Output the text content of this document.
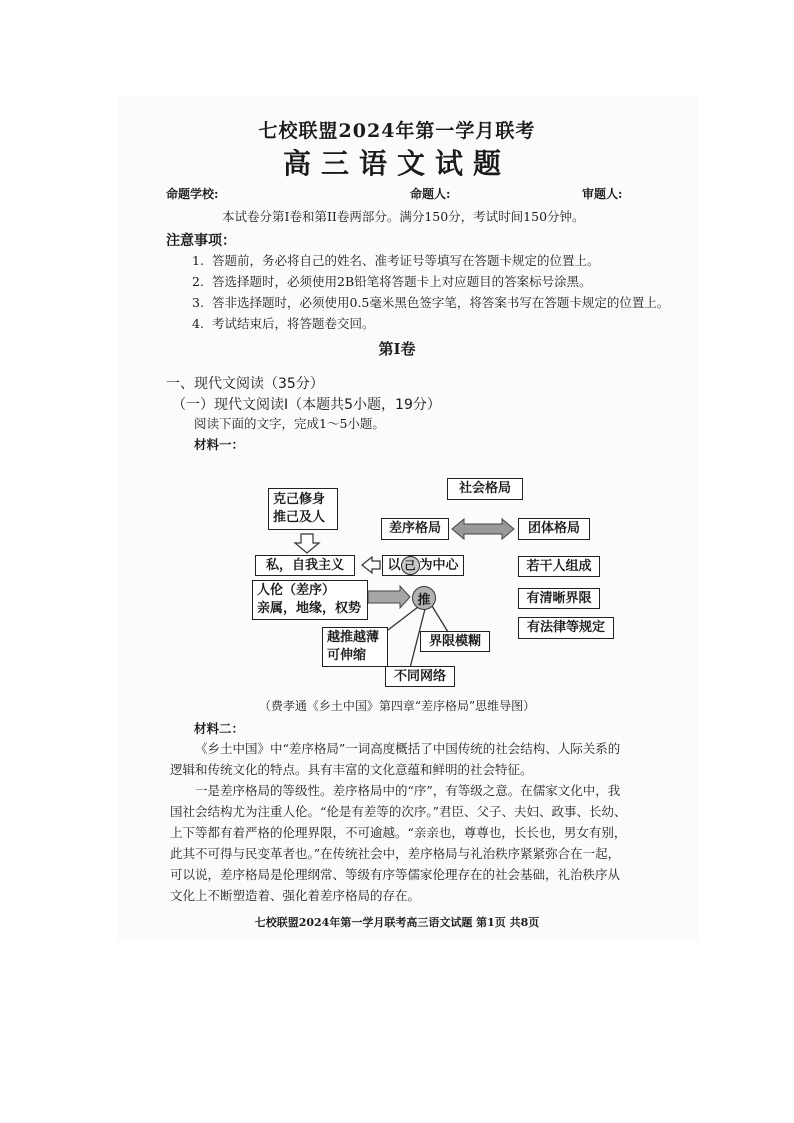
七校联盟2024年第一学月联考
高三语文试题
命题学校:	命题人:	审题人:
本试卷分第I卷和第II卷两部分。满分150分，考试时间150分钟。
注意事项：
1. 答题前，务必将自己的姓名、准考证号等填写在答题卡规定的位置上。
2. 答选择题时，必须使用2B铅笔将答题卡上对应题目的答案标号涂黑。
3. 答非选择题时，必须使用0.5毫米黑色签字笔，将答案书写在答题卡规定的位置上。
4. 考试结束后，将答题卷交回。
第I卷
一、现代文阅读（35分）
（一）现代文阅读I（本题共5小题，19分）
阅读下面的文字，完成1～5小题。
材料一：
社会格局
差序格局	团体格局
克己修身
推己及人
私，自我主义	以 己 为中心	若干人组成
有清晰界限
有法律等规定
人伦（差序）
亲属，地缘，权势
推
越推越薄
可伸缩
界限模糊
不同网络
（费孝通《乡土中国》第四章“差序格局”思维导图）
材料二：

《乡土中国》中“差序格局”一词高度概括了中国传统的社会结构、人际关系的逻辑和传统文化的特点。具有丰富的文化意蕴和鲜明的社会特征。

一是差序格局的等级性。差序格局中的“序”，有等级之意。在儒家文化中，我国社会结构尤为注重人伦。“伦是有差等的次序。”君臣、父子、夫妇、政事、长幼、上下等都有着严格的伦理界限，不可逾越。“亲亲也，尊尊也，长长也，男女有别，此其不可得与民变革者也。”在传统社会中，差序格局与礼治秩序紧紧弥合在一起，可以说，差序格局是伦理纲常、等级有序等儒家伦理存在的社会基础，礼治秩序从文化上不断塑造着、强化着差序格局的存在。

七校联盟2024年第一学月联考高三语文试题 第1页 共8页
